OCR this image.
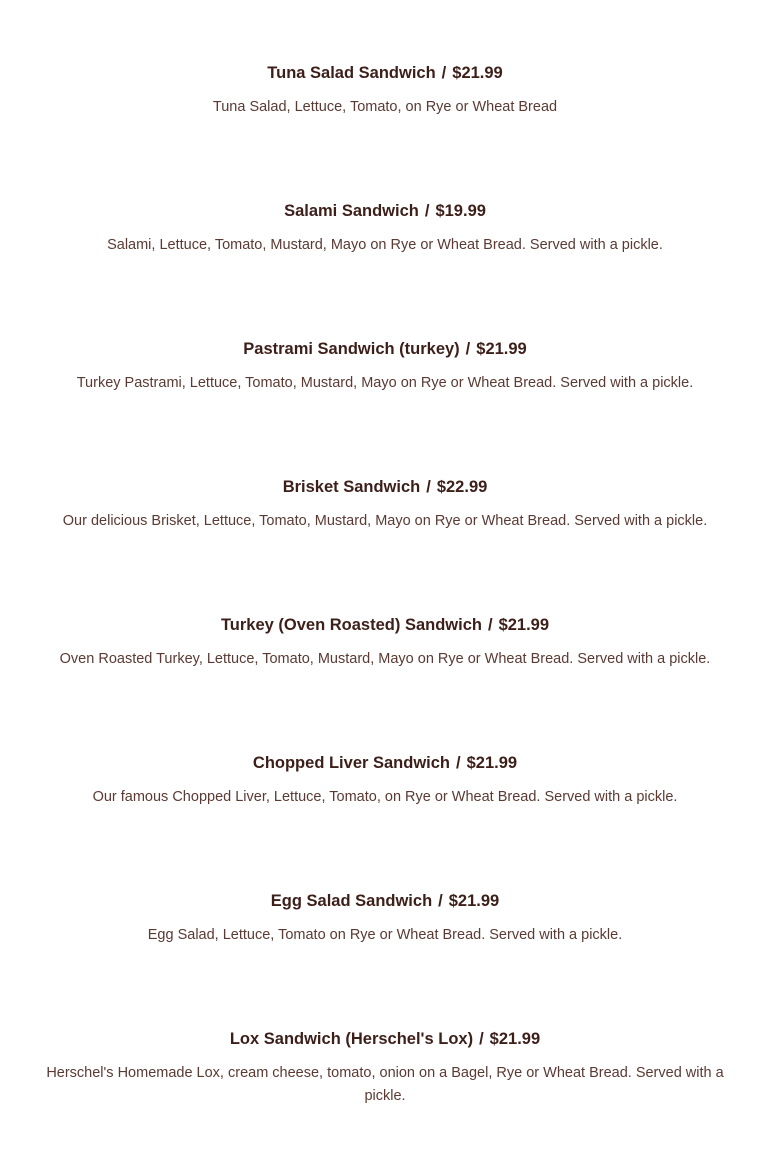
Tuna Salad Sandwich / $21.99

Tuna Salad, Lettuce, Tomato, on Rye or Wheat Bread

Salami Sandwich / $19.99

Salami, Lettuce, Tomato, Mustard, Mayo on Rye or Wheat Bread. Served with a pickle.

Pastrami Sandwich (turkey) / $21.99

Turkey Pastrami, Lettuce, Tomato, Mustard, Mayo on Rye or Wheat Bread. Served with a pickle.

Brisket Sandwich / $22.99

Our delicious Brisket, Lettuce, Tomato, Mustard, Mayo on Rye or Wheat Bread. Served with a pickle.

Turkey (Oven Roasted) Sandwich / $21.99

Oven Roasted Turkey, Lettuce, Tomato, Mustard, Mayo on Rye or Wheat Bread. Served with a pickle.

Chopped Liver Sandwich / $21.99

Our famous Chopped Liver, Lettuce, Tomato, on Rye or Wheat Bread. Served with a pickle.

Egg Salad Sandwich / $21.99

Egg Salad, Lettuce, Tomato on Rye or Wheat Bread. Served with a pickle.

Lox Sandwich (Herschel's Lox) / $21.99

Herschel's Homemade Lox, cream cheese, tomato, onion on a Bagel, Rye or Wheat Bread. Served with a pickle.
